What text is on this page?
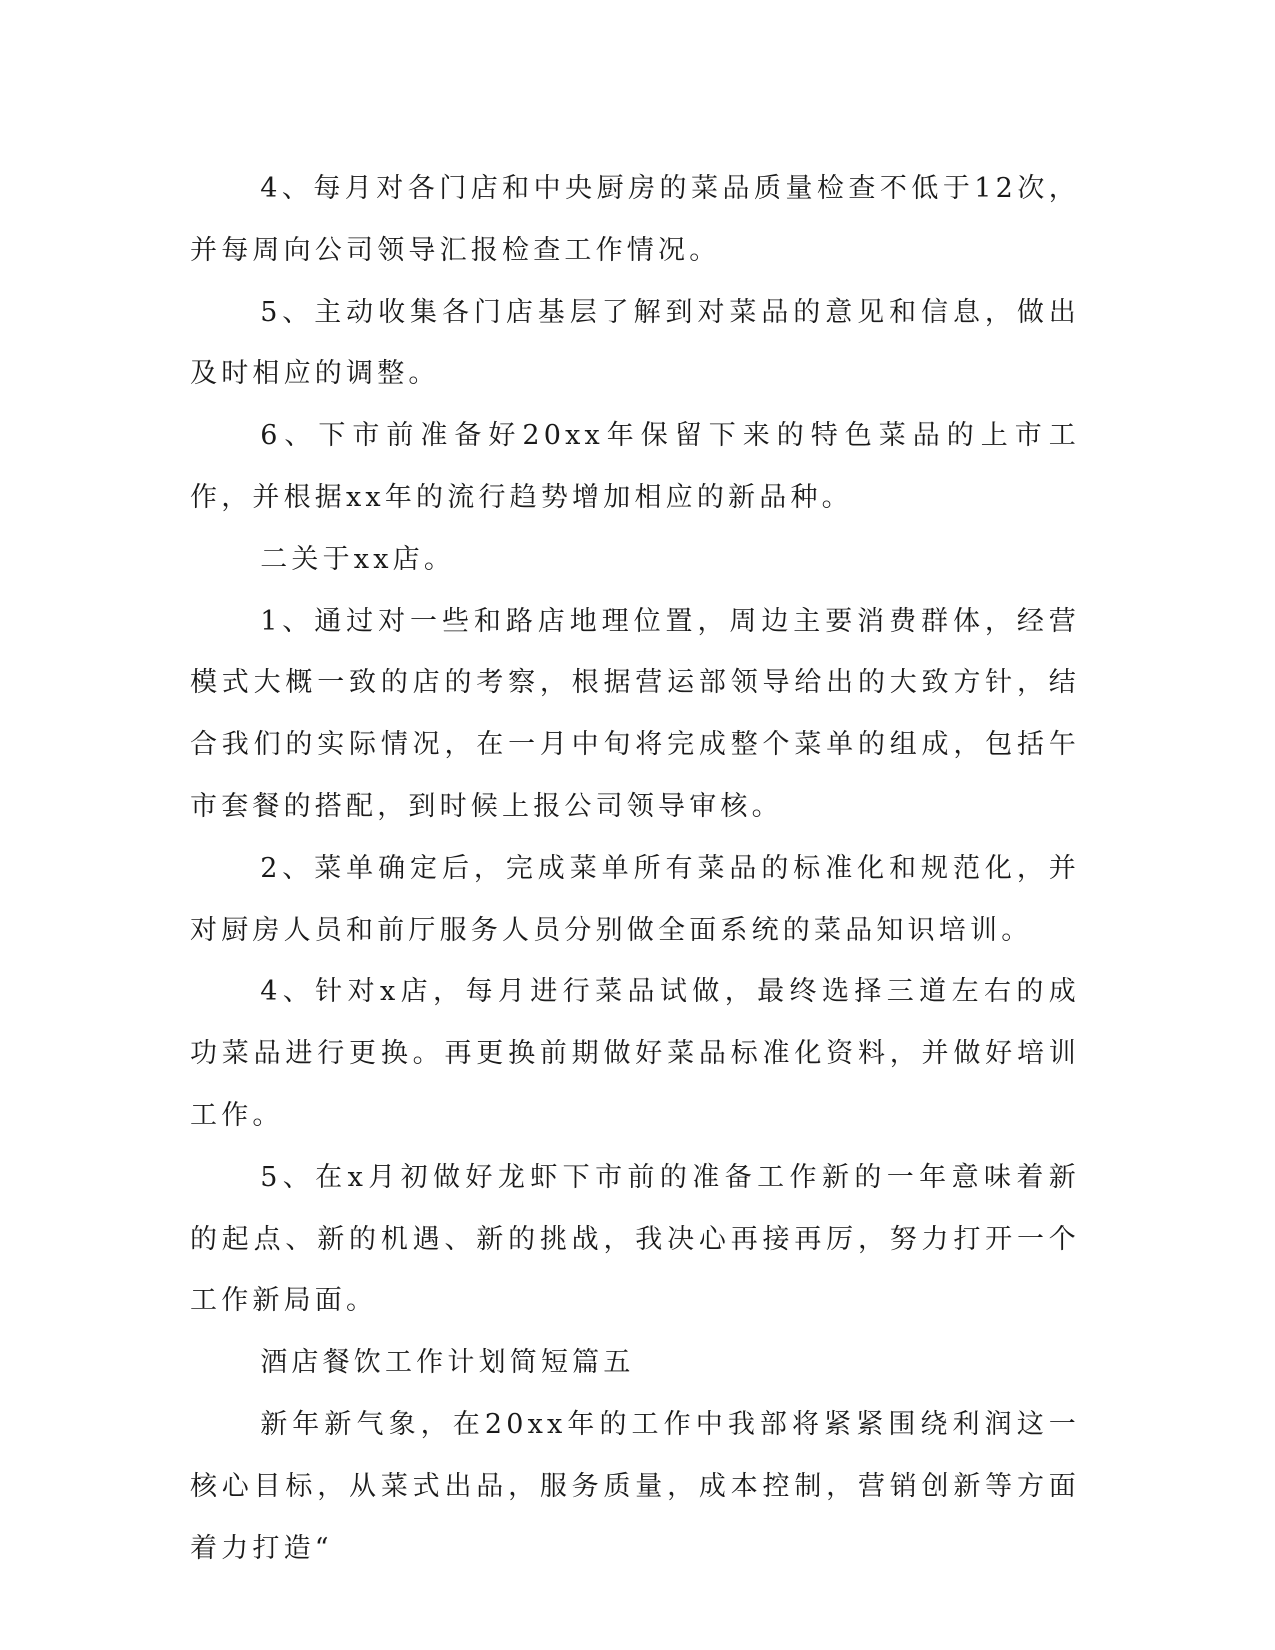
4、每月对各门店和中央厨房的菜品质量检查不低于12次，并每周向公司领导汇报检查工作情况。

5、主动收集各门店基层了解到对菜品的意见和信息，做出及时相应的调整。

6、下市前准备好20xx年保留下来的特色菜品的上市工作，并根据xx年的流行趋势增加相应的新品种。

二关于xx店。

1、通过对一些和路店地理位置，周边主要消费群体，经营模式大概一致的店的考察，根据营运部领导给出的大致方针，结合我们的实际情况，在一月中旬将完成整个菜单的组成，包括午市套餐的搭配，到时候上报公司领导审核。

2、菜单确定后，完成菜单所有菜品的标准化和规范化，并对厨房人员和前厅服务人员分别做全面系统的菜品知识培训。

4、针对x店，每月进行菜品试做，最终选择三道左右的成功菜品进行更换。再更换前期做好菜品标准化资料，并做好培训工作。

5、在x月初做好龙虾下市前的准备工作新的一年意味着新的起点、新的机遇、新的挑战，我决心再接再厉，努力打开一个工作新局面。

酒店餐饮工作计划简短篇五

新年新气象，在20xx年的工作中我部将紧紧围绕利润这一核心目标，从菜式出品，服务质量，成本控制，营销创新等方面着力打造“
